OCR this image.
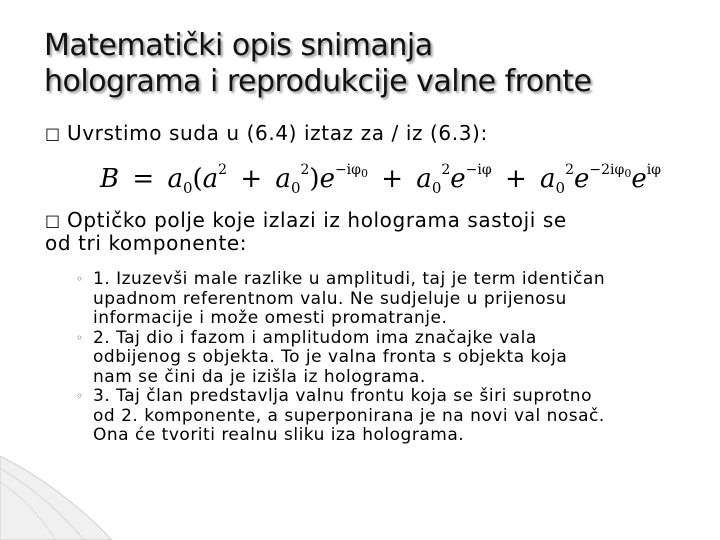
Matematički opis snimanja
holograma i reprodukcije valne fronte
□ Uvrstimo suda u (6.4) iztaz za / iz (6.3):
$B = a_0(a^2 + a_0^2)e^{-i\varphi_0} + a_0^2e^{-i\varphi} + a_0^2e^{-2i\varphi_0}e^{i\varphi}$
□ Optičko polje koje izlazi iz holograma sastoji se
od tri komponente:
◦ 1. Izuzevši male razlike u amplitudi, taj je term identičan
upadnom referentnom valu. Ne sudjeluje u prijenosu
informacije i može omesti promatranje.
◦ 2. Taj dio i fazom i amplitudom ima značajke vala
odbijenog s objekta. To je valna fronta s objekta koja
nam se čini da je izišla iz holograma.
◦ 3. Taj član predstavlja valnu frontu koja se širi suprotno
od 2. komponente, a superponirana je na novi val nosač.
Ona će tvoriti realnu sliku iza holograma.
